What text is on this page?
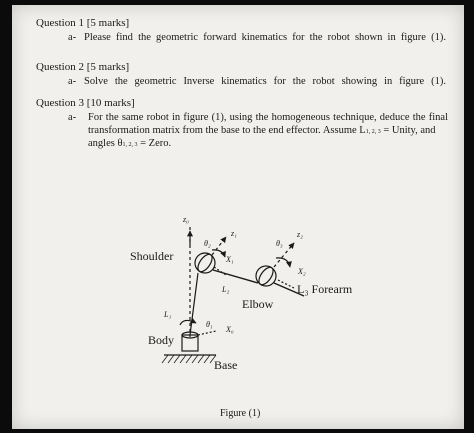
Question 1 [5 marks]
a- Please find the geometric forward kinematics for the robot shown in figure (1).
Question 2 [5 marks]
a- Solve the geometric Inverse kinematics for the robot showing in figure (1).
Question 3 [10 marks]
a- For the same robot in figure (1), using the homogeneous technique, deduce the final
transformation matrix from the base to the end effector. Assume L1, 2, 3 = Unity, and
angles θ1, 2, 3 = Zero.
z₀
z₁	z₂
θ₂	θ₃
Shoulder	X₁
X₂
L₂	L₃ Forearm
Elbow
L₁
θ₁
X₀
Body
Base
Figure (1)
